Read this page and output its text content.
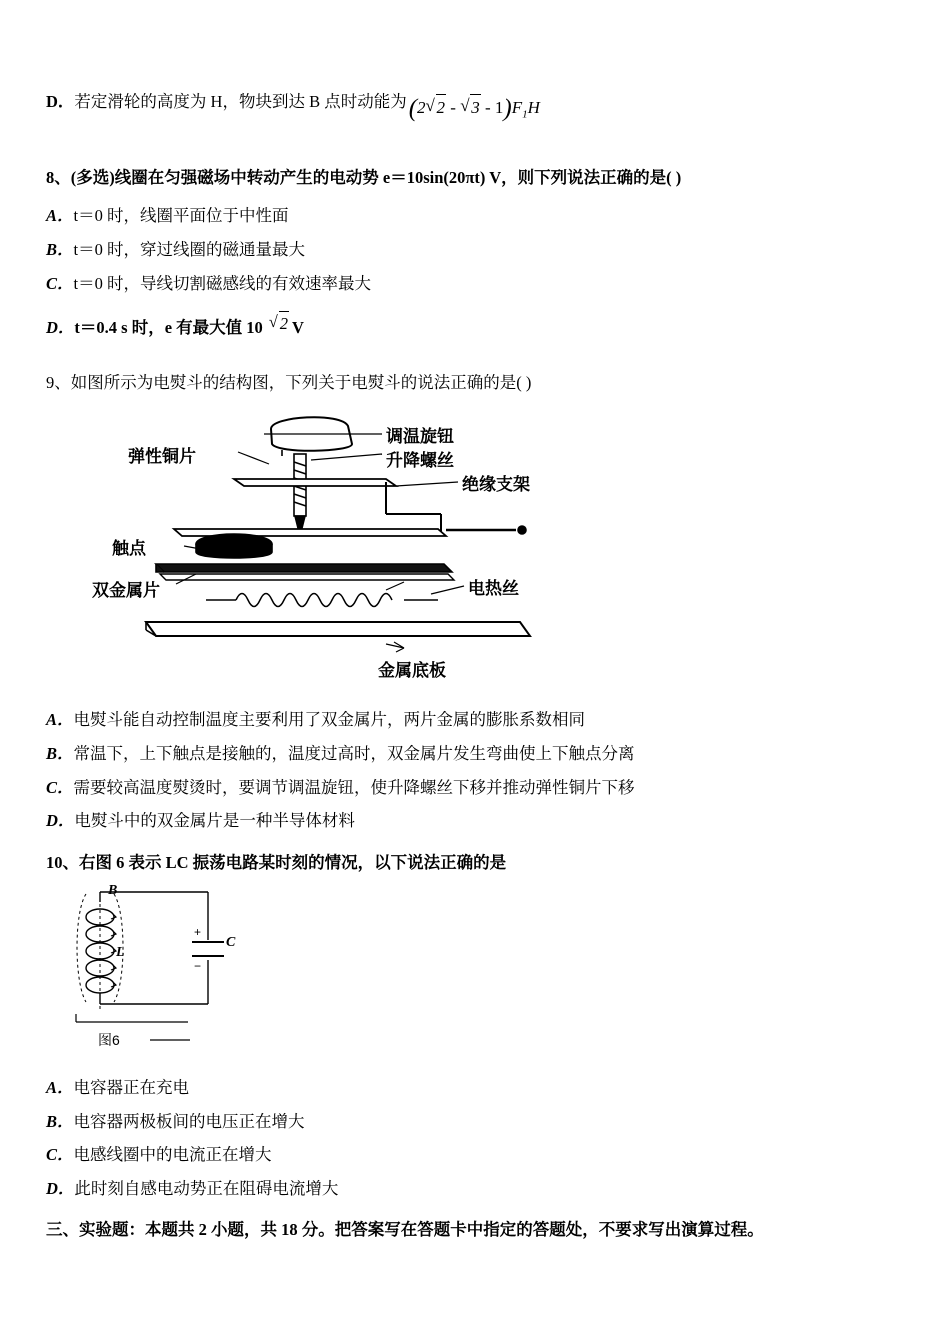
D．若定滑轮的高度为 H，物块到达 B 点时动能为(2 √ 2 - √ $3 - 1)F_1H$
8、(多选)线圈在匀强磁场中转动产生的电动势 e＝10sin(20πt) V，则下列说法正确的是( )
A．t＝0 时，线圈平面位于中性面
B．t＝0 时，穿过线圈的磁通量最大
C．t＝0 时，导线切割磁感线的有效速率最大
D．t＝0.4 s 时，e 有最大值 10 √ 2 V
9、如图所示为电熨斗的结构图，下列关于电熨斗的说法正确的是( )
调温旋钮
升降螺丝
弹性铜片
绝缘支架
触点
双金属片	电热丝
金属底板
A．电熨斗能自动控制温度主要利用了双金属片，两片金属的膨胀系数相同
B．常温下，上下触点是接触的，温度过高时，双金属片发生弯曲使上下触点分离
C．需要较高温度熨烫时，要调节调温旋钮，使升降螺丝下移并推动弹性铜片下移
D．电熨斗中的双金属片是一种半导体材料
10、右图 6 表示 LC 振荡电路某时刻的情况，以下说法正确的是
B
L
C
+
−
图6
A．电容器正在充电
B．电容器两极板间的电压正在增大
C．电感线圈中的电流正在增大
D．此时刻自感电动势正在阻碍电流增大
三、实验题：本题共 2 小题，共 18 分。把答案写在答题卡中指定的答题处，不要求写出演算过程。
